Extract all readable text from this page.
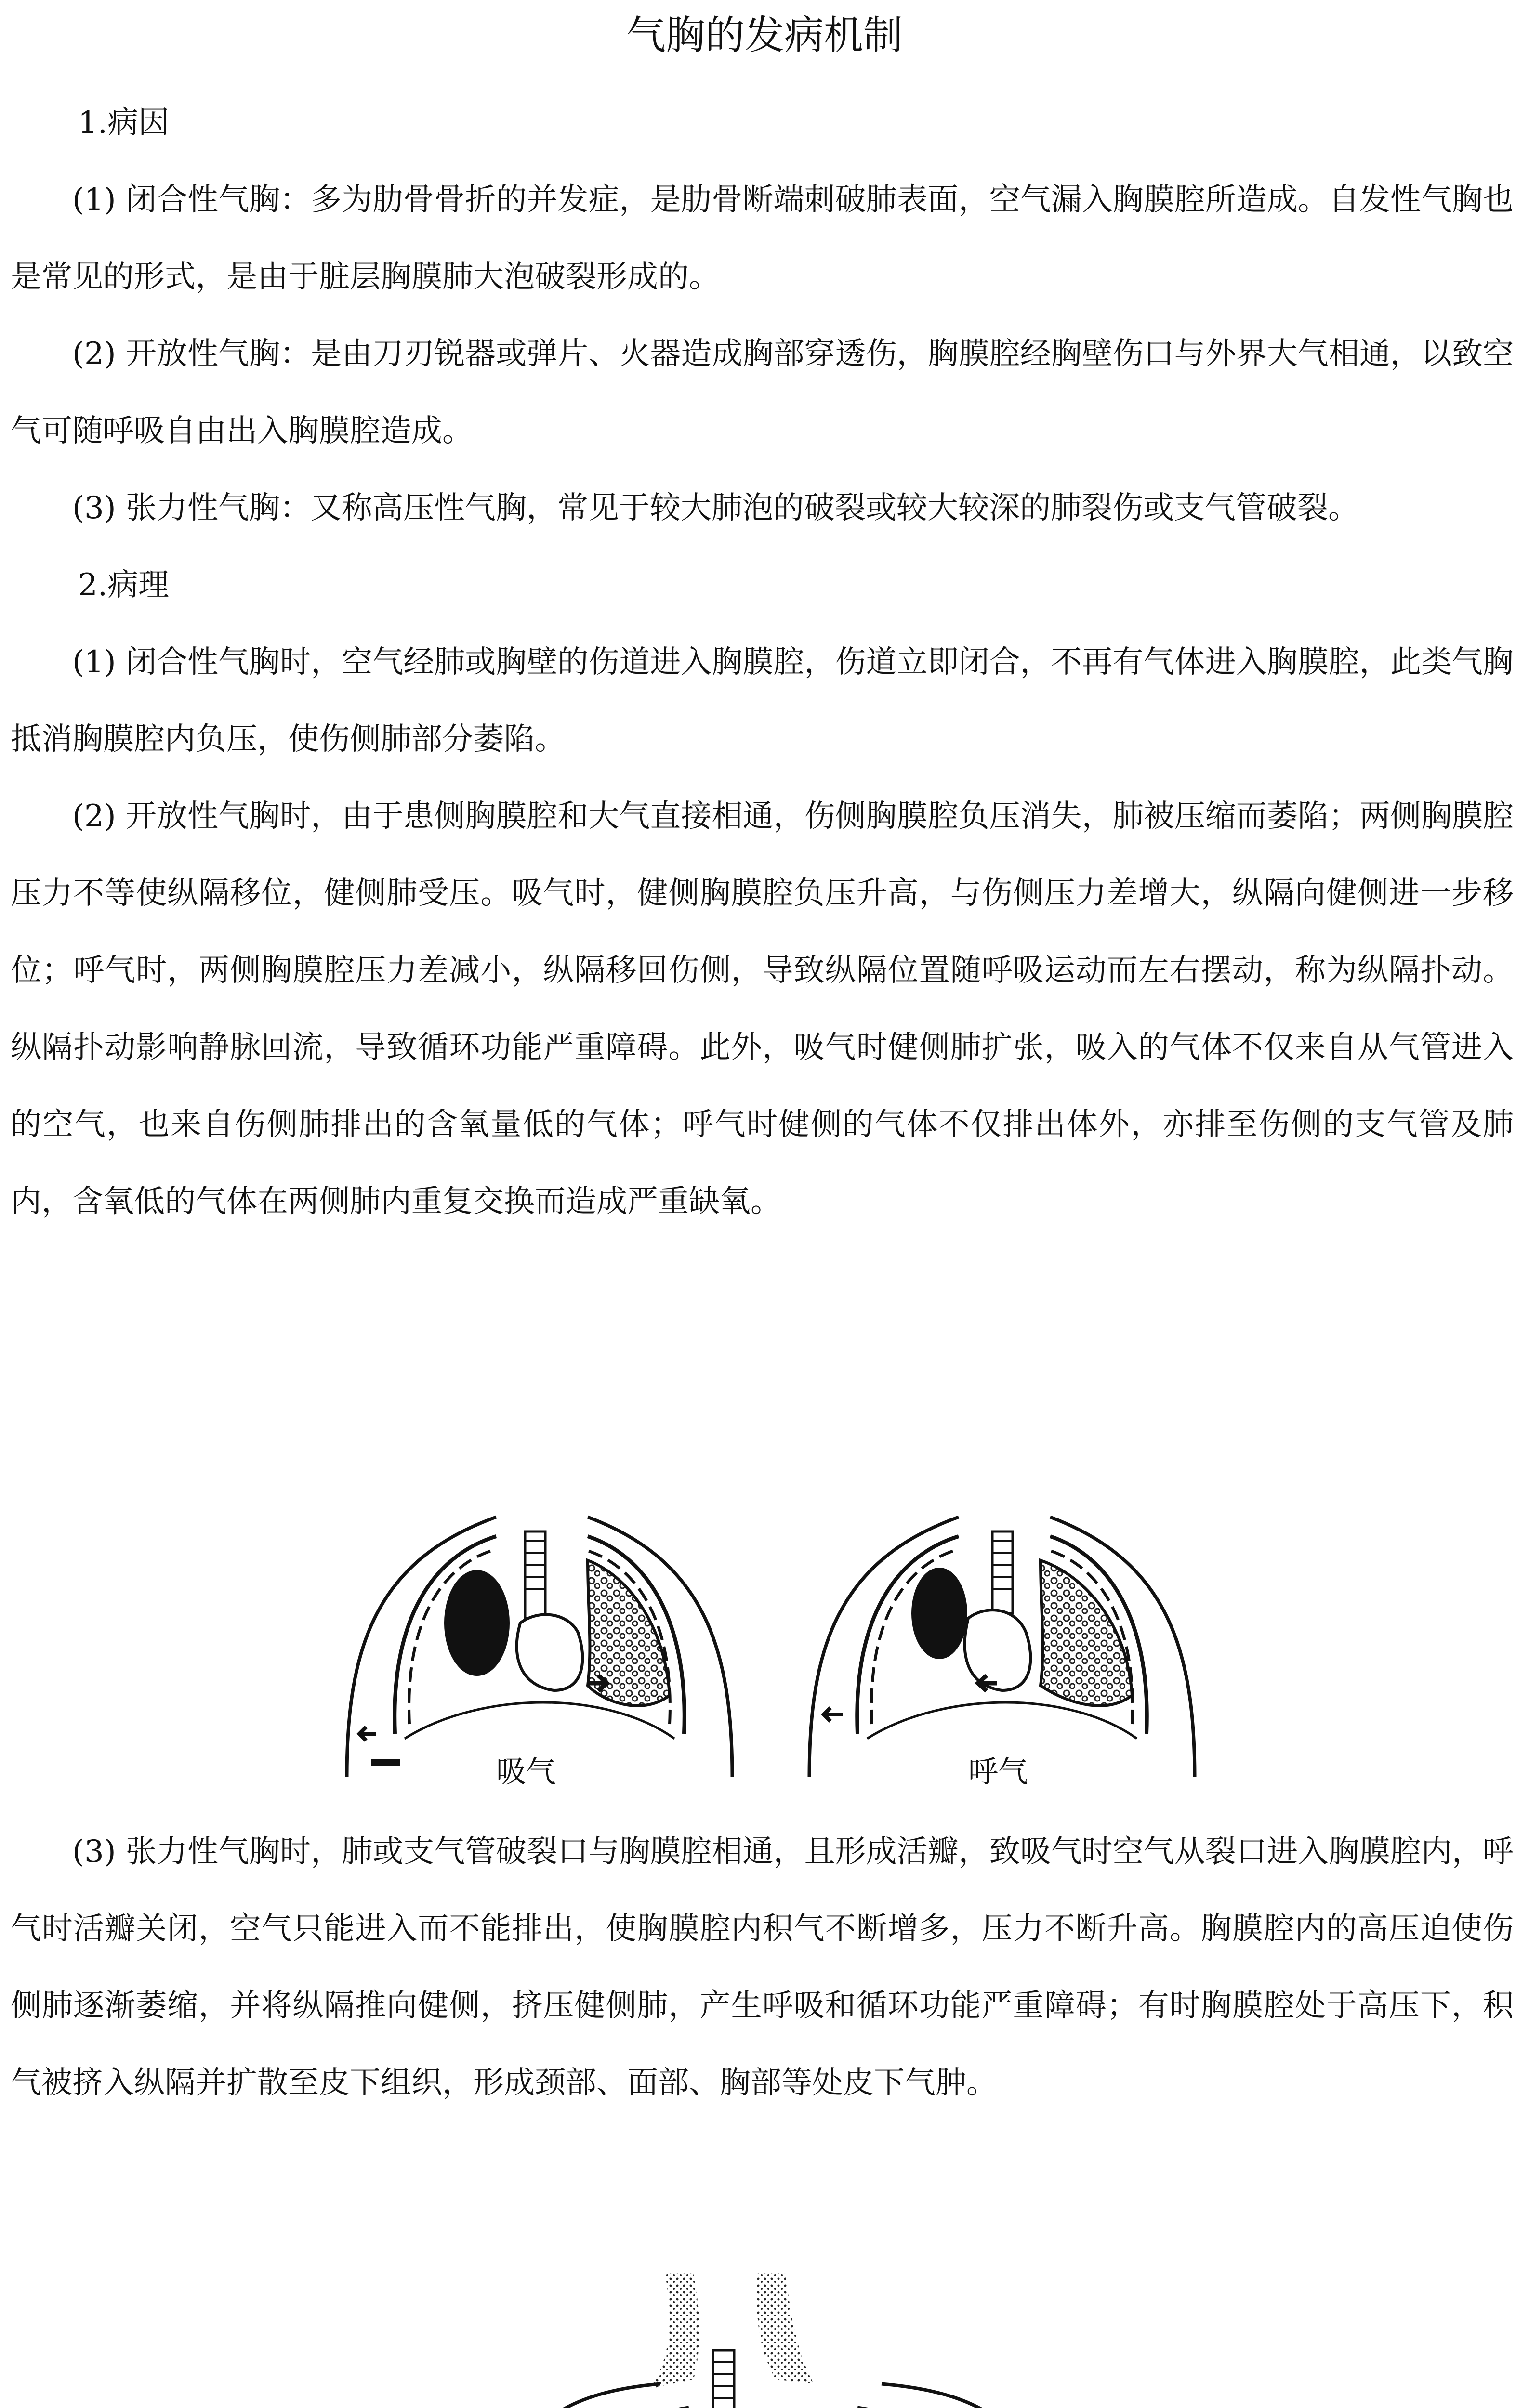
气胸的发病机制

1.病因

(1) 闭合性气胸：多为肋骨骨折的并发症，是肋骨断端刺破肺表面，空气漏入胸膜腔所造成。自发性气胸也是常见的形式，是由于脏层胸膜肺大泡破裂形成的。

(2) 开放性气胸：是由刀刃锐器或弹片、火器造成胸部穿透伤，胸膜腔经胸壁伤口与外界大气相通，以致空气可随呼吸自由出入胸膜腔造成。

(3) 张力性气胸：又称高压性气胸，常见于较大肺泡的破裂或较大较深的肺裂伤或支气管破裂。

2.病理

(1) 闭合性气胸时，空气经肺或胸壁的伤道进入胸膜腔，伤道立即闭合，不再有气体进入胸膜腔，此类气胸抵消胸膜腔内负压，使伤侧肺部分萎陷。

(2) 开放性气胸时，由于患侧胸膜腔和大气直接相通，伤侧胸膜腔负压消失，肺被压缩而萎陷；两侧胸膜腔压力不等使纵隔移位，健侧肺受压。吸气时，健侧胸膜腔负压升高，与伤侧压力差增大，纵隔向健侧进一步移位；呼气时，两侧胸膜腔压力差减小，纵隔移回伤侧，导致纵隔位置随呼吸运动而左右摆动，称为纵隔扑动。纵隔扑动影响静脉回流，导致循环功能严重障碍。此外，吸气时健侧肺扩张，吸入的气体不仅来自从气管进入的空气，也来自伤侧肺排出的含氧量低的气体；呼气时健侧的气体不仅排出体外，亦排至伤侧的支气管及肺内，含氧低的气体在两侧肺内重复交换而造成严重缺氧。

吸气	呼气

(3) 张力性气胸时，肺或支气管破裂口与胸膜腔相通，且形成活瓣，致吸气时空气从裂口进入胸膜腔内，呼气时活瓣关闭，空气只能进入而不能排出，使胸膜腔内积气不断增多，压力不断升高。胸膜腔内的高压迫使伤侧肺逐渐萎缩，并将纵隔推向健侧，挤压健侧肺，产生呼吸和循环功能严重障碍；有时胸膜腔处于高压下，积气被挤入纵隔并扩散至皮下组织，形成颈部、面部、胸部等处皮下气肿。
